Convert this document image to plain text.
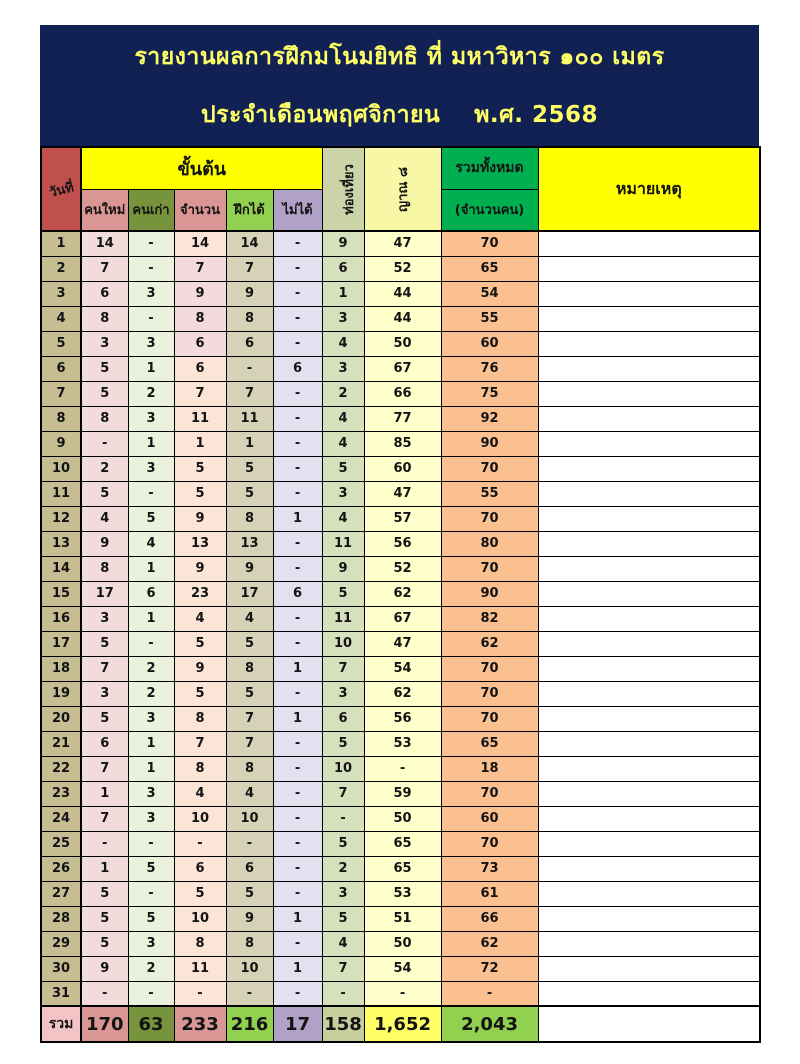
รายงานผลการฝึกมโนมยิทธิ ที่ มหาวิหาร ๑๐๐ เมตร
ประจำเดือนพฤศจิกายน    พ.ศ. 2568
วันที่	ขั้นต้น					ท่องเที่ยว	ญาณ ๘	รวมทั้งหมด	หมายเหตุ
	คนใหม่	คนเก่า	จำนวน	ฝึกได้	ไม่ได้			(จำนวนคน)	
1	14	-	14	14	-	9	47	70	
2	7	-	7	7	-	6	52	65	
3	6	3	9	9	-	1	44	54	
4	8	-	8	8	-	3	44	55	
5	3	3	6	6	-	4	50	60	
6	5	1	6	-	6	3	67	76	
7	5	2	7	7	-	2	66	75	
8	8	3	11	11	-	4	77	92	
9	-	1	1	1	-	4	85	90	
10	2	3	5	5	-	5	60	70	
11	5	-	5	5	-	3	47	55	
12	4	5	9	8	1	4	57	70	
13	9	4	13	13	-	11	56	80	
14	8	1	9	9	-	9	52	70	
15	17	6	23	17	6	5	62	90	
16	3	1	4	4	-	11	67	82	
17	5	-	5	5	-	10	47	62	
18	7	2	9	8	1	7	54	70	
19	3	2	5	5	-	3	62	70	
20	5	3	8	7	1	6	56	70	
21	6	1	7	7	-	5	53	65	
22	7	1	8	8	-	10	-	18	
23	1	3	4	4	-	7	59	70	
24	7	3	10	10	-	-	50	60	
25	-	-	-	-	-	5	65	70	
26	1	5	6	6	-	2	65	73	
27	5	-	5	5	-	3	53	61	
28	5	5	10	9	1	5	51	66	
29	5	3	8	8	-	4	50	62	
30	9	2	11	10	1	7	54	72	
31	-	-	-	-	-	-	-	-	
รวม	170	63	233	216	17	158	1,652	2,043	
